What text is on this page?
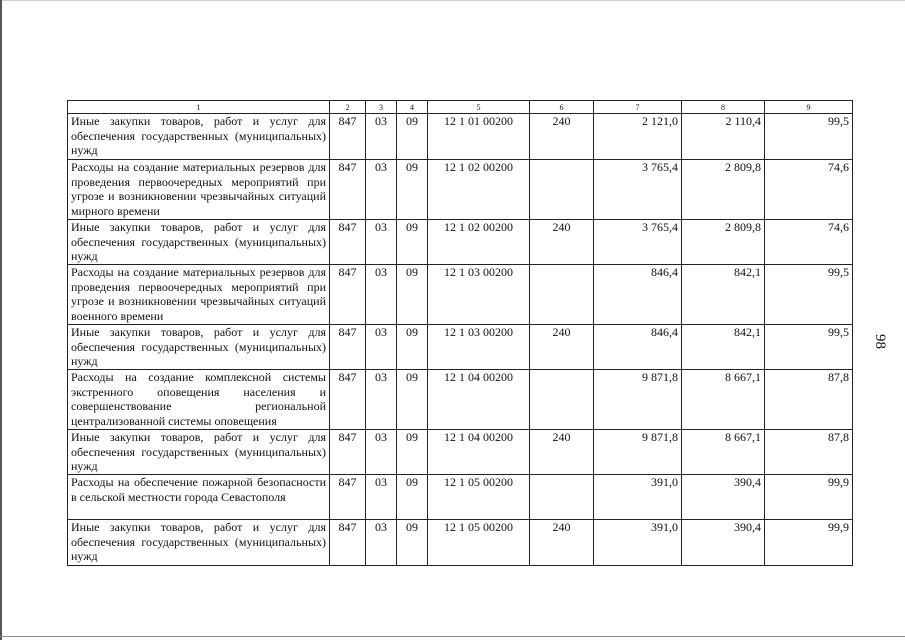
1	2	3	4	5	6	7	8	9
Иные закупки товаров, работ и услуг для обеспечения государственных (муниципальных) нужд	847	03	09	12 1 01 00200	240	2 121,0	2 110,4	99,5
Расходы на создание материальных резервов для проведения первоочередных мероприятий при угрозе и возникновении чрезвычайных ситуаций мирного времени	847	03	09	12 1 02 00200		3 765,4	2 809,8	74,6
Иные закупки товаров, работ и услуг для обеспечения государственных (муниципальных) нужд	847	03	09	12 1 02 00200	240	3 765,4	2 809,8	74,6
Расходы на создание материальных резервов для проведения первоочередных мероприятий при угрозе и возникновении чрезвычайных ситуаций военного времени	847	03	09	12 1 03 00200		846,4	842,1	99,5
Иные закупки товаров, работ и услуг для обеспечения государственных (муниципальных) нужд	847	03	09	12 1 03 00200	240	846,4	842,1	99,5
Расходы на создание комплексной системы экстренного оповещения населения и совершенствование региональной централизованной системы оповещения	847	03	09	12 1 04 00200		9 871,8	8 667,1	87,8
Иные закупки товаров, работ и услуг для обеспечения государственных (муниципальных) нужд	847	03	09	12 1 04 00200	240	9 871,8	8 667,1	87,8
Расходы на обеспечение пожарной безопасности в сельской местности города Севастополя	847	03	09	12 1 05 00200		391,0	390,4	99,9
Иные закупки товаров, работ и услуг для обеспечения государственных (муниципальных) нужд	847	03	09	12 1 05 00200	240	391,0	390,4	99,9
98
